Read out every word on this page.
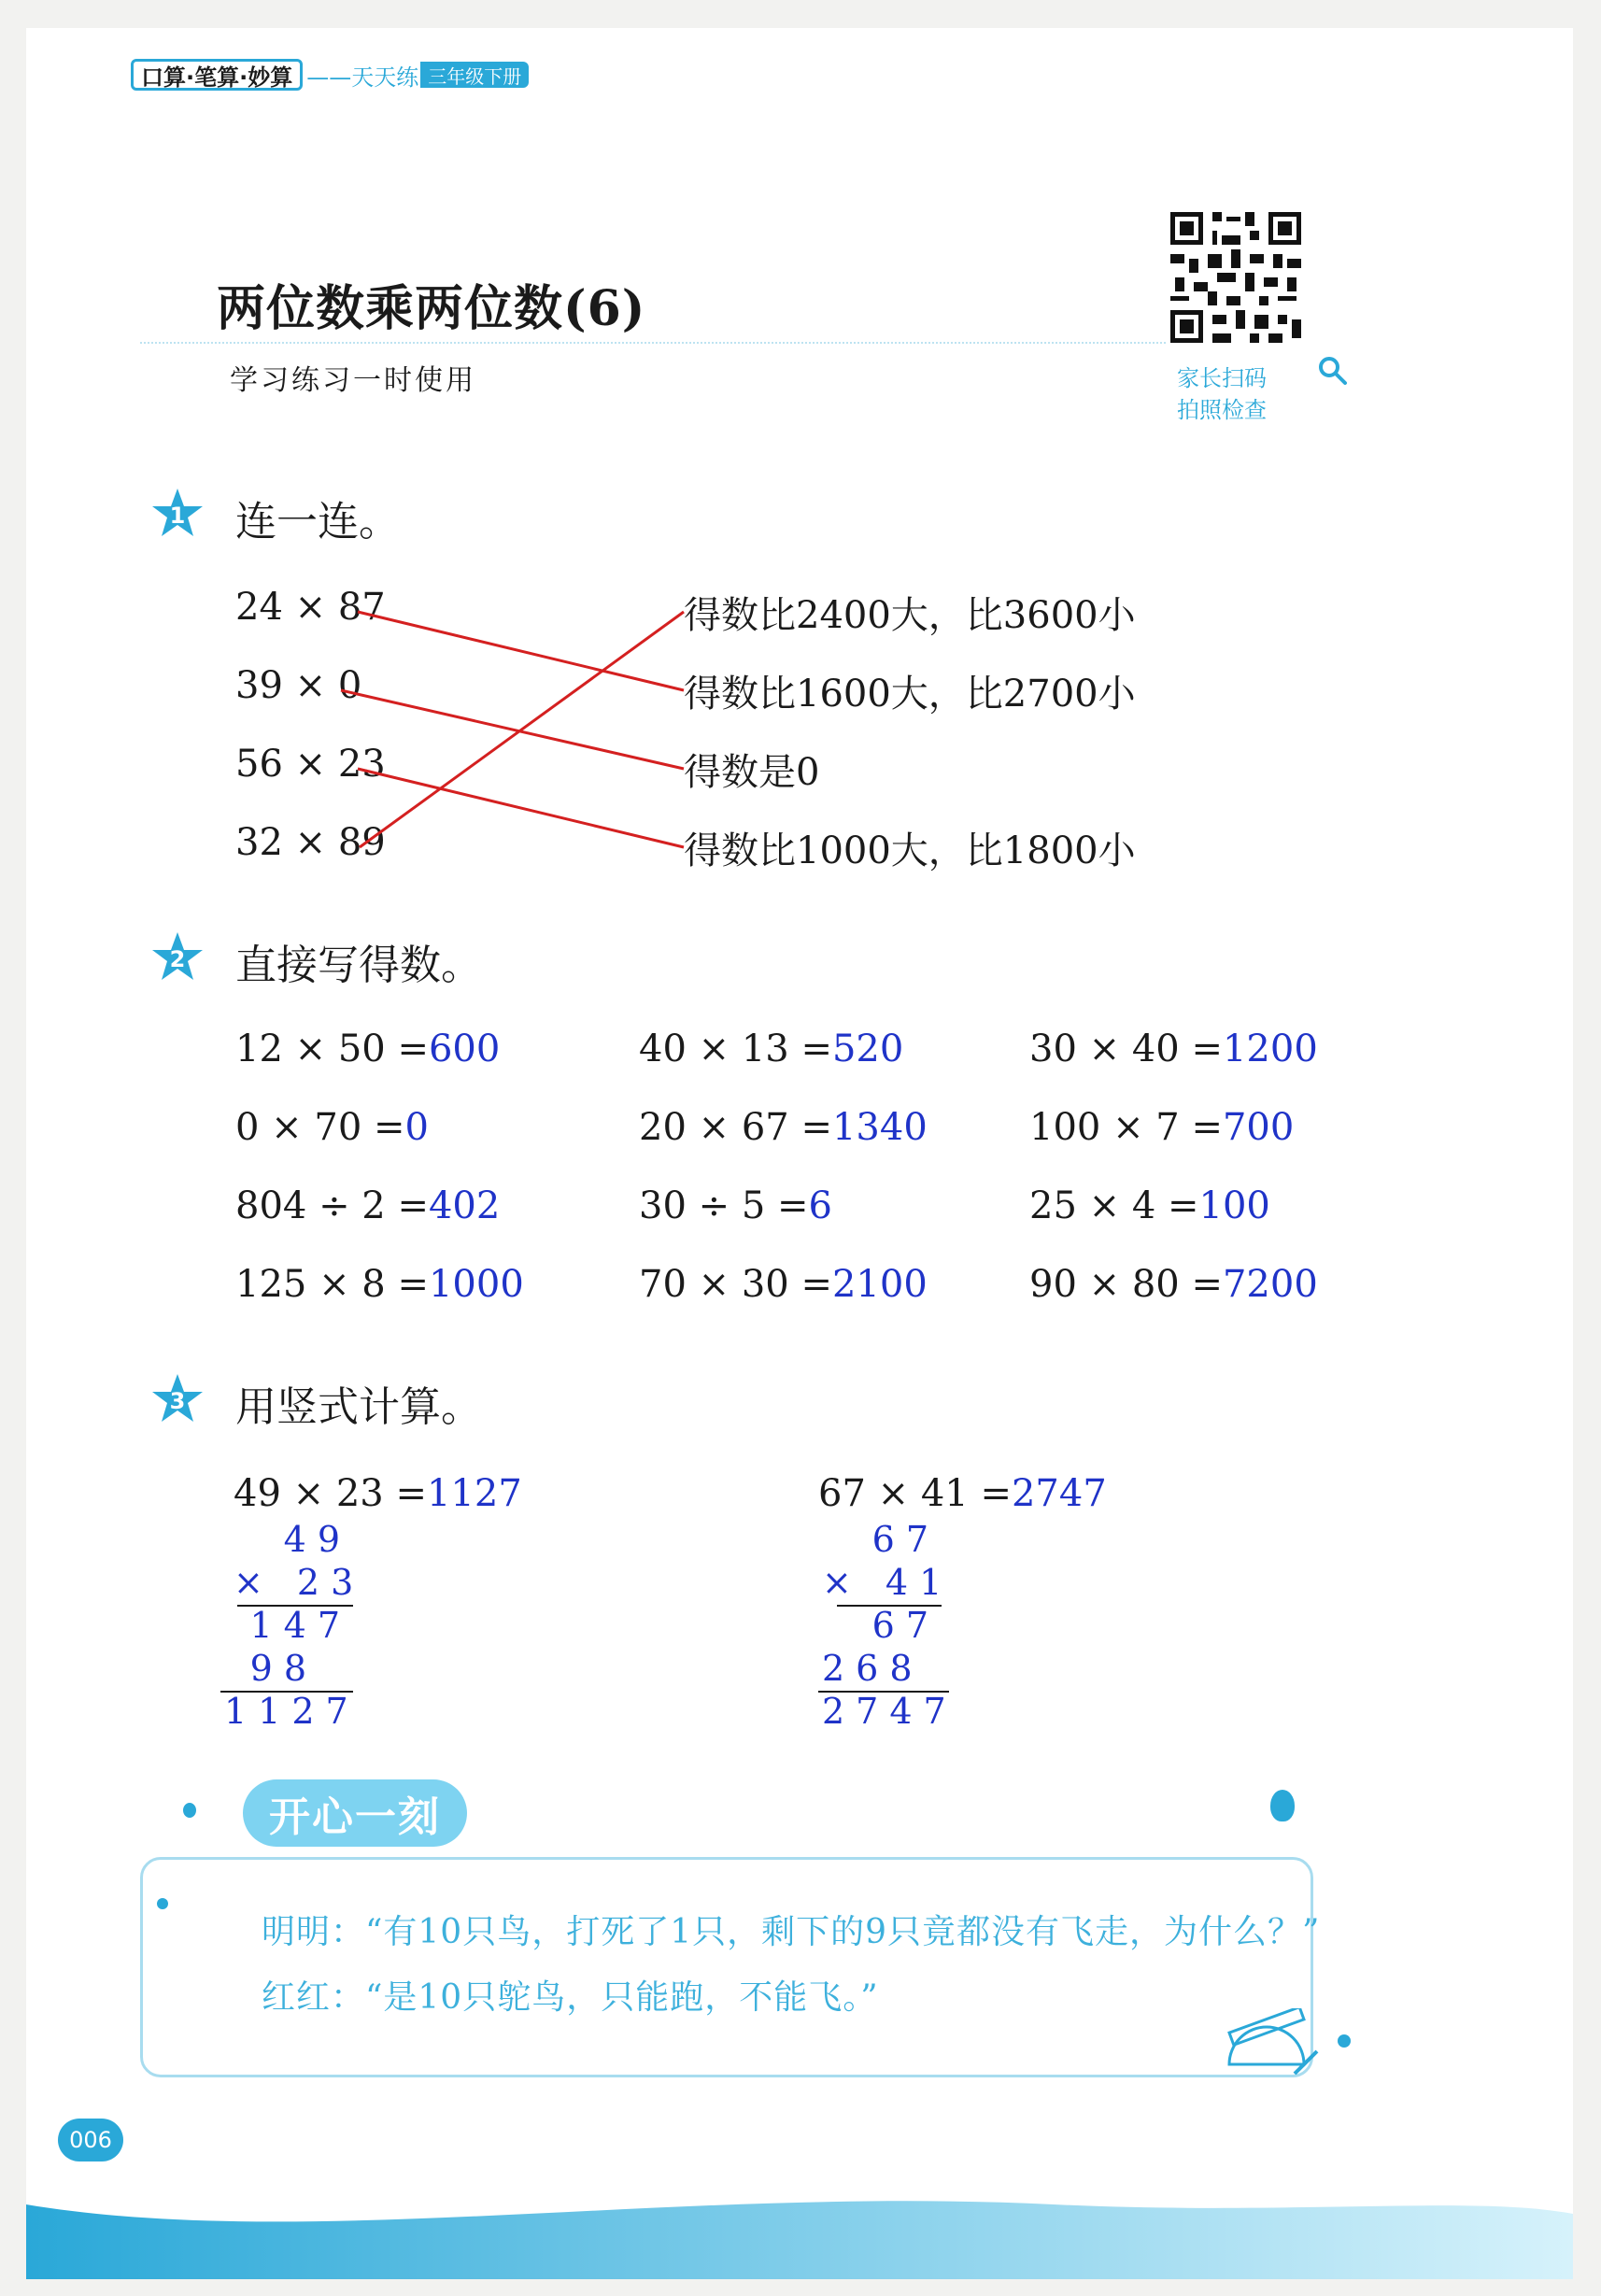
口算·笔算·妙算 ——天天练 三年级下册
两位数乘两位数(6)
学习练习一时使用	家长扫码
拍照检查
1 连一连。
24 × 87
39 × 0
56 × 23
32 × 89
得数比2400大，比3600小
得数比1600大，比2700小
得数是0
得数比1000大，比1800小
2 直接写得数。
12 × 50 =600	40 × 13 =520	30 × 40 =1200
0 × 70 =0	20 × 67 =1340	100 × 7 =700
804 ÷ 2 =402	30 ÷ 5 =6	25 × 4 =100
125 × 8 =1000	70 × 30 =2100	90 × 80 =7200
3 用竖式计算。
49 × 23 =1127
49
× 23
147
98
1127
67 × 41 =2747
67
× 41
67
268
2747
开心一刻
明明：“有10只鸟，打死了1只，剩下的9只竟都没有飞走，为什么？”
红红：“是10只鸵鸟，只能跑，不能飞。”
006
